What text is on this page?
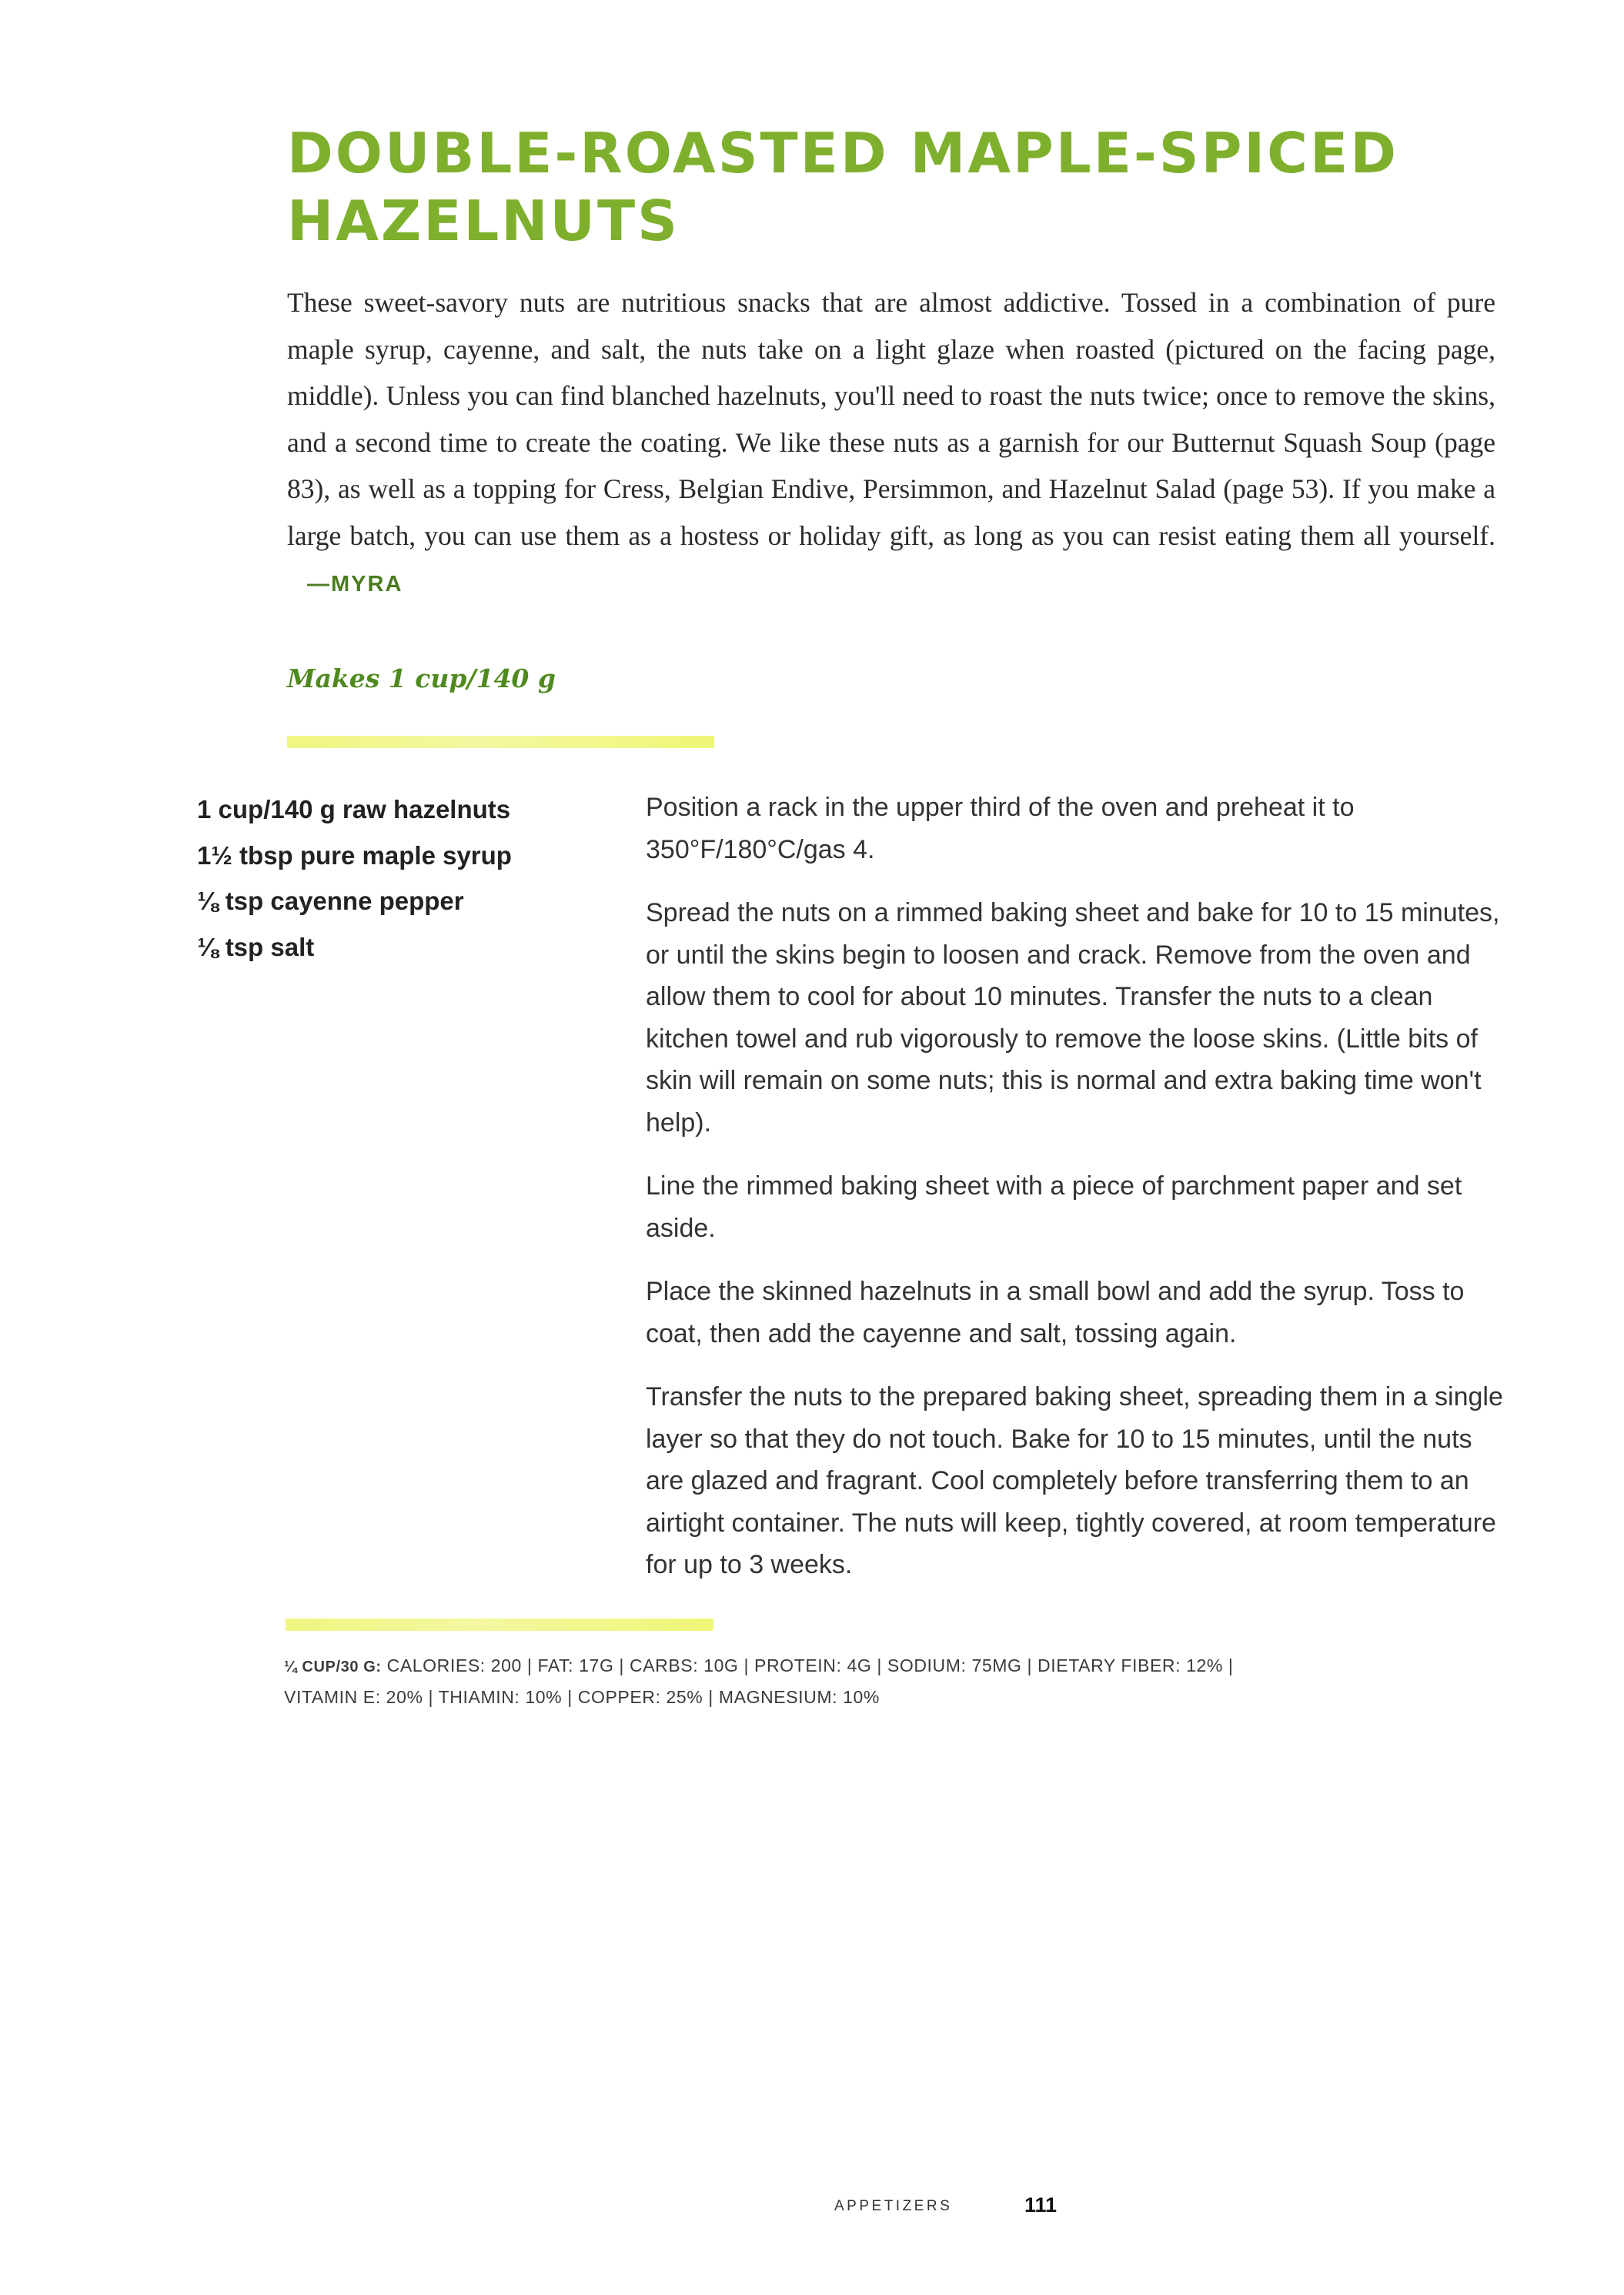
DOUBLE-ROASTED MAPLE-SPICED HAZELNUTS

These sweet-savory nuts are nutritious snacks that are almost addictive. Tossed in a combination of pure maple syrup, cayenne, and salt, the nuts take on a light glaze when roasted (pictured on the facing page, middle). Unless you can find blanched hazelnuts, you'll need to roast the nuts twice; once to remove the skins, and a second time to create the coating. We like these nuts as a garnish for our Butternut Squash Soup (page 83), as well as a topping for Cress, Belgian Endive, Persimmon, and Hazelnut Salad (page 53). If you make a large batch, you can use them as a hostess or holiday gift, as long as you can resist eating them all yourself.—MYRA

Makes 1 cup/140 g

1 cup/140 g raw hazelnuts
1½ tbsp pure maple syrup
⅛ tsp cayenne pepper
⅛ tsp salt

Position a rack in the upper third of the oven and preheat it to 350°F/180°C/gas 4.

Spread the nuts on a rimmed baking sheet and bake for 10 to 15 minutes, or until the skins begin to loosen and crack. Remove from the oven and allow them to cool for about 10 minutes. Transfer the nuts to a clean kitchen towel and rub vigorously to remove the loose skins. (Little bits of skin will remain on some nuts; this is normal and extra baking time won't help).

Line the rimmed baking sheet with a piece of parchment paper and set aside.

Place the skinned hazelnuts in a small bowl and add the syrup. Toss to coat, then add the cayenne and salt, tossing again.

Transfer the nuts to the prepared baking sheet, spreading them in a single layer so that they do not touch. Bake for 10 to 15 minutes, until the nuts are glazed and fragrant. Cool completely before transferring them to an airtight container. The nuts will keep, tightly covered, at room temperature for up to 3 weeks.

¼ CUP/30 G: CALORIES: 200 | FAT: 17G | CARBS: 10G | PROTEIN: 4G | SODIUM: 75MG | DIETARY FIBER: 12% |
VITAMIN E: 20% | THIAMIN: 10% | COPPER: 25% | MAGNESIUM: 10%

APPETIZERS	111
